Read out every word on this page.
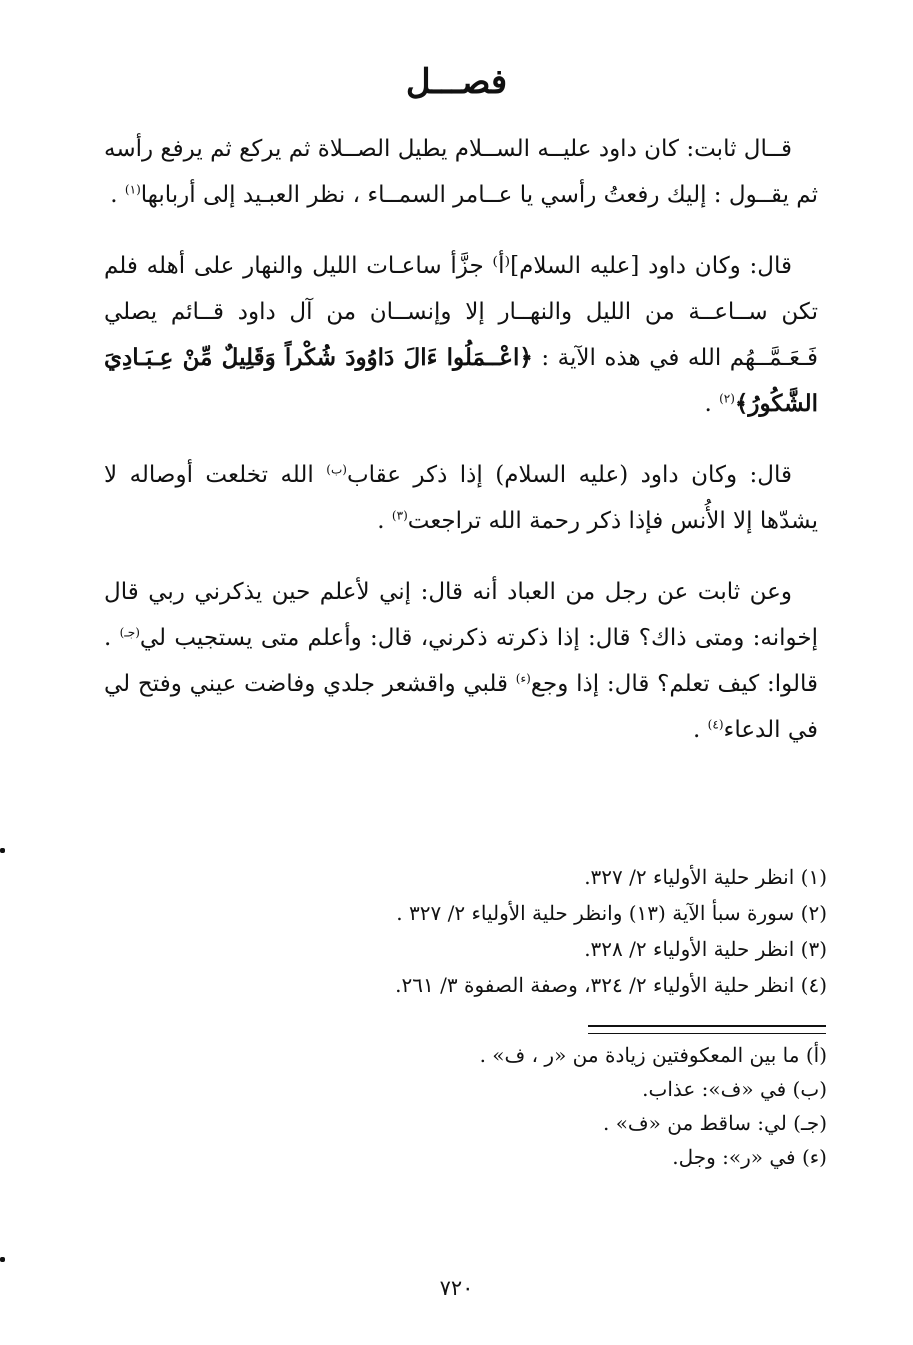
فصـــل

قــال ثابت: كان داود عليــه الســلام يطيل الصــلاة ثم يركع ثم يرفع رأسه ثم يقــول : إليك رفعتُ رأسي يا عــامر السمــاء ، نظر العبـيد إلى أربابها$^{(١)}$ .

قال: وكان داود [عليه السلام]⁽أ⁾ جزَّأ ساعـات الليل والنهار على أهله فلم تكن ســاعــة من الليل والنهــار إلا وإنســان من آل داود قــائم يصلي فَـعَـمَّــهُم الله في هذه الآية : ﴿اعْــمَلُوا ءَالَ دَاوُودَ شُكْراً وَقَلِيلٌ مِّنْ عِـبَـادِيَ الشَّكُورُ﴾$^{(٢)}$ .

قال: وكان داود (عليه السلام) إذا ذكر عقاب$^{(ب)}$ الله تخلعت أوصاله لا يشدّها إلا الأُنس فإذا ذكر رحمة الله تراجعت$^{(٣)}$ .

وعن ثابت عن رجل من العباد أنه قال: إني لأعلم حين يذكرني ربي قال إخوانه: ومتى ذاك؟ قال: إذا ذكرته ذكرني، قال: وأعلم متى يستجيب لي$^{(جـ)}$ . قالوا: كيف تعلم؟ قال: إذا وجع$^{(ء)}$ قلبي واقشعر جلدي وفاضت عيني وفتح لي في الدعاء$^{(٤)}$ .

(١) انظر حلية الأولياء ٢/ ٣٢٧.
(٢) سورة سبأ الآية (١٣) وانظر حلية الأولياء ٢/ ٣٢٧ .
(٣) انظر حلية الأولياء ٢/ ٣٢٨.
(٤) انظر حلية الأولياء ٢/ ٣٢٤، وصفة الصفوة ٣/ ٢٦١.
(أ) ما بين المعكوفتين زيادة من «ر ، ف» .
(ب) في «ف»: عذاب.
(جـ) لي: ساقط من «ف» .
(ء) في «ر»: وجل.
٧٢٠
